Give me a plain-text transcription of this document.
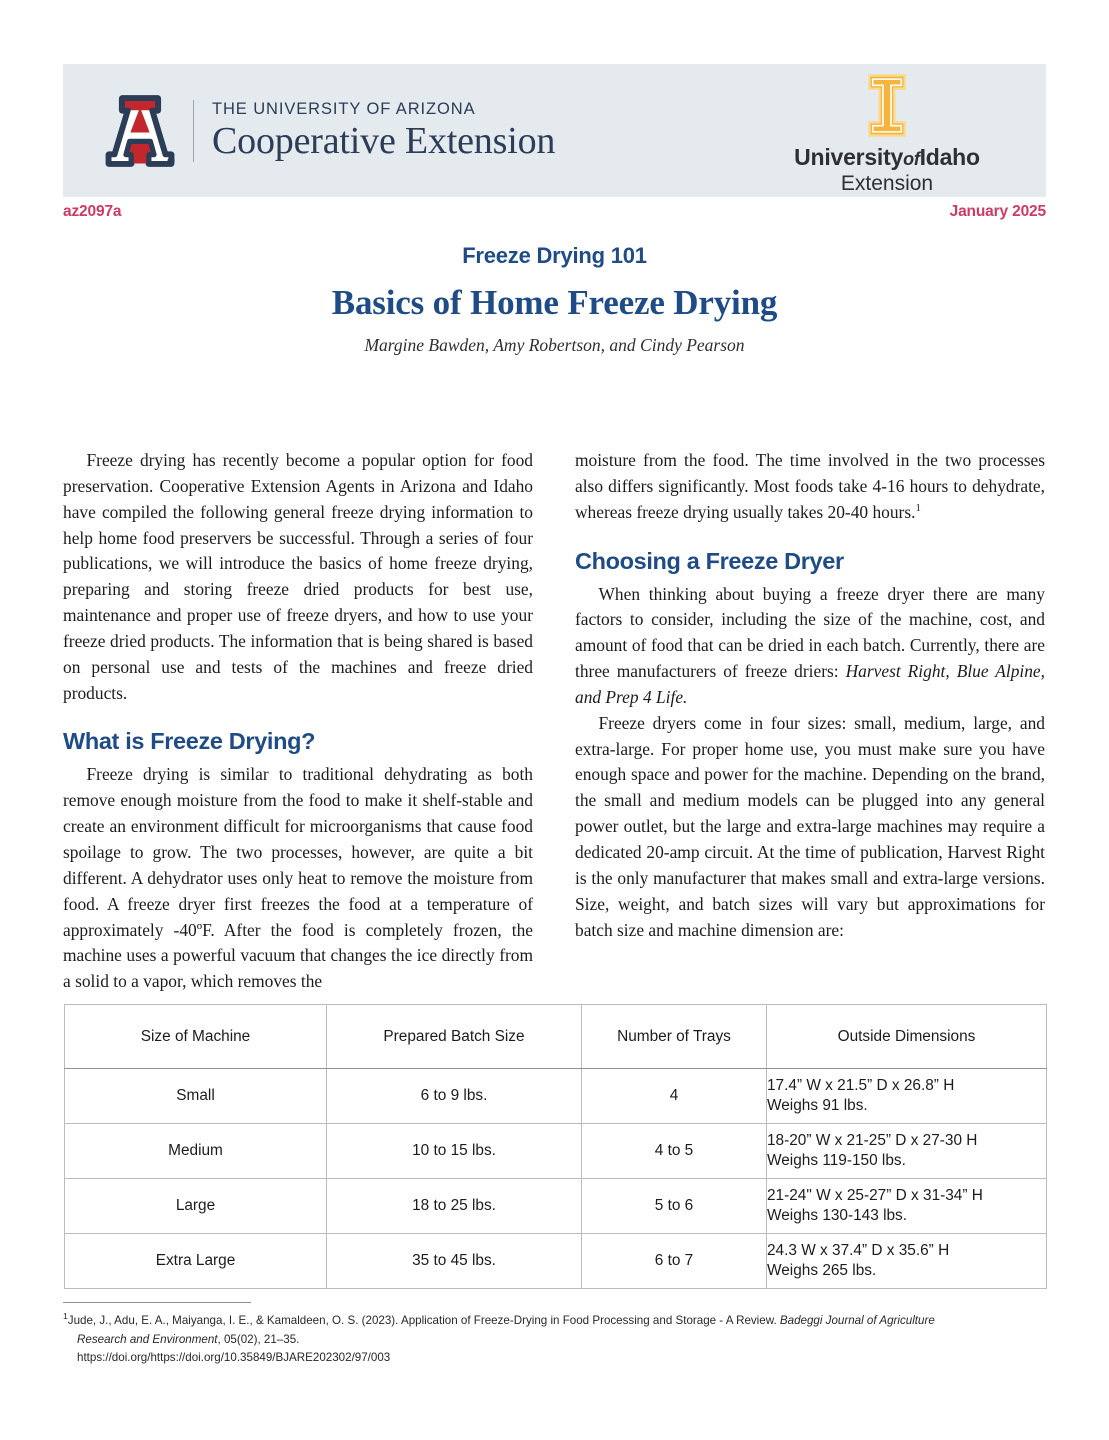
R
THE UNIVERSITY OF ARIZONA
Cooperative Extension	UniversityofIdaho
Extension
az2097a	January 2025
Freeze Drying 101
Basics of Home Freeze Drying
Margine Bawden, Amy Robertson, and Cindy Pearson

Freeze drying has recently become a popular option for food preservation. Cooperative Extension Agents in Arizona and Idaho have compiled the following general freeze drying information to help home food preservers be successful. Through a series of four publications, we will introduce the basics of home freeze drying, preparing and storing freeze dried products for best use, maintenance and proper use of freeze dryers, and how to use your freeze dried products. The information that is being shared is based on personal use and tests of the machines and freeze dried products.

What is Freeze Drying?

Freeze drying is similar to traditional dehydrating as both remove enough moisture from the food to make it shelf-stable and create an environment difficult for microorganisms that cause food spoilage to grow. The two processes, however, are quite a bit different. A dehydrator uses only heat to remove the moisture from food. A freeze dryer first freezes the food at a temperature of approximately -40ºF. After the food is completely frozen, the machine uses a powerful vacuum that changes the ice directly from a solid to a vapor, which removes the

moisture from the food. The time involved in the two processes also differs significantly. Most foods take 4-16 hours to dehydrate, whereas freeze drying usually takes 20-40 hours.$^1$

Choosing a Freeze Dryer

When thinking about buying a freeze dryer there are many factors to consider, including the size of the machine, cost, and amount of food that can be dried in each batch. Currently, there are three manufacturers of freeze driers: Harvest Right, Blue Alpine, and Prep 4 Life.

Freeze dryers come in four sizes: small, medium, large, and extra-large. For proper home use, you must make sure you have enough space and power for the machine. Depending on the brand, the small and medium models can be plugged into any general power outlet, but the large and extra-large machines may require a dedicated 20-amp circuit. At the time of publication, Harvest Right is the only manufacturer that makes small and extra-large versions. Size, weight, and batch sizes will vary but approximations for batch size and machine dimension are:

Size of Machine	Prepared Batch Size	Number of Trays	Outside Dimensions
Small	6 to 9 lbs.	4	17.4” W x 21.5” D x 26.8” H
Weighs 91 lbs.

Medium	10 to 15 lbs.	4 to 5	18-20” W x 21-25” D x 27-30 H
Weighs 119-150 lbs.

Large	18 to 25 lbs.	5 to 6	21-24" W x 25-27” D x 31-34” H
Weighs 130-143 lbs.

Extra Large	35 to 45 lbs.	6 to 7	24.3 W x 37.4” D x 35.6” H
Weighs 265 lbs.
$^1$Jude, J., Adu, E. A., Maiyanga, I. E., & Kamaldeen, O. S. (2023). Application of Freeze-Drying in Food Processing and Storage - A Review. Badeggi Journal of Agriculture
Research and Environment, 05(02), 21–35.
https://doi.org/https://doi.org/10.35849/BJARE202302/97/003
